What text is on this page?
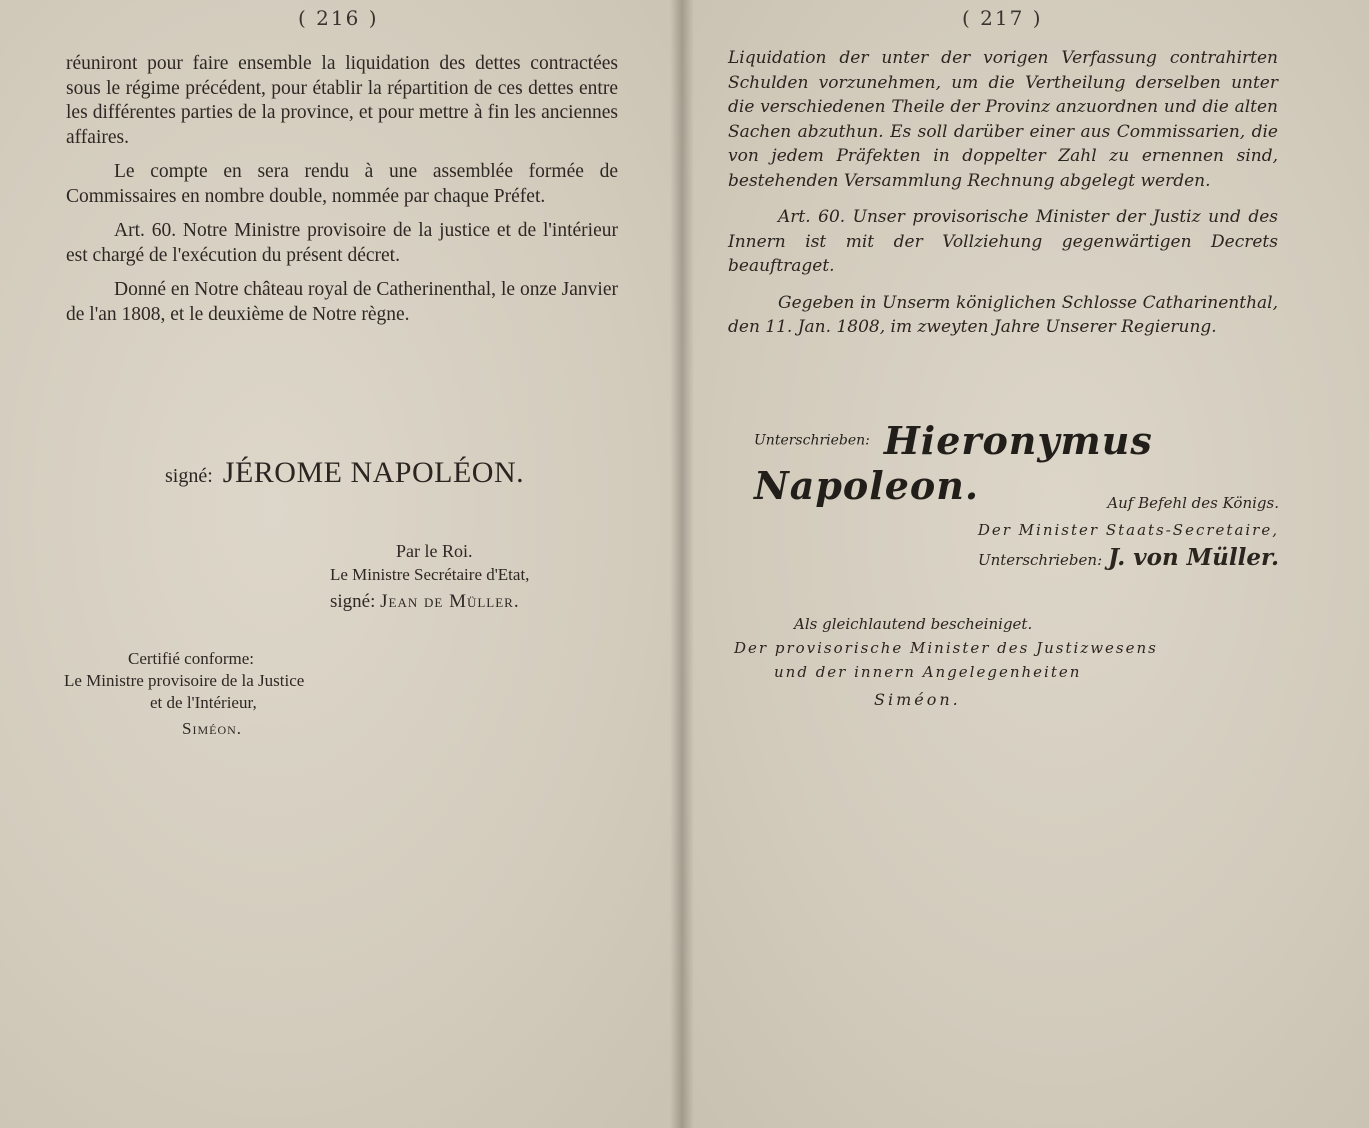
( 216 )

réuniront pour faire ensemble la liquidation des dettes contractées sous le régime précédent, pour établir la répartition de ces dettes entre les différentes parties de la province, et pour mettre à fin les anciennes affaires.

Le compte en sera rendu à une assemblée formée de Commissaires en nombre double, nommée par chaque Préfet.

Art. 60. Notre Ministre provisoire de la justice et de l'intérieur est chargé de l'exécution du présent décret.

Donné en Notre château royal de Catherinenthal, le onze Janvier de l'an 1808, et le deuxième de Notre règne.

signé: JÉROME NAPOLÉON.
Par le Roi.
Le Ministre Secrétaire d'Etat,
signé: Jean de Müller.
Certifié conforme:
Le Ministre provisoire de la Justice
et de l'Intérieur,
Siméon.
( 217 )

Liquidation der unter der vorigen Verfassung contrahirten Schulden vorzunehmen, um die Vertheilung derselben unter die verschiedenen Theile der Provinz anzuordnen und die alten Sachen abzuthun. Es soll darüber einer aus Commissarien, die von jedem Präfekten in doppelter Zahl zu ernennen sind, bestehenden Versammlung Rechnung abgelegt werden.

Art. 60. Unser provisorische Minister der Justiz und des Innern ist mit der Vollziehung gegenwärtigen Decrets beauftraget.

Gegeben in Unserm königlichen Schlosse Catharinenthal, den 11. Jan. 1808, im zweyten Jahre Unserer Regierung.

Unterschrieben: Hieronymus Napoleon.	Auf Befehl des Königs.
Der Minister Staats-Secretaire,
Unterschrieben: J. von Müller.
Als gleichlautend bescheiniget.
Der provisorische Minister des Justizwesens
und der innern Angelegenheiten
Siméon.
